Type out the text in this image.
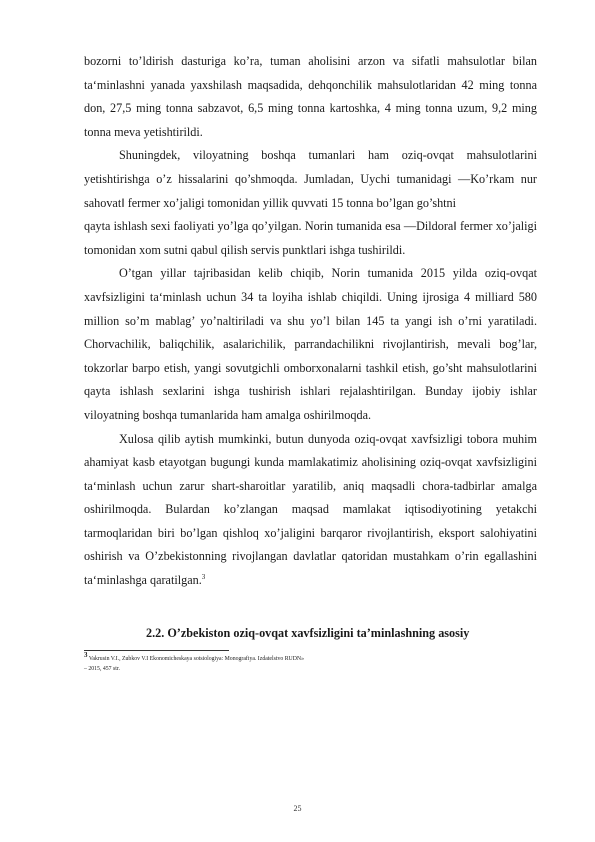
bozorni to’ldirish dasturiga ko’ra, tuman aholisini arzon va sifatli mahsulotlar bilan ta‘minlashni yanada yaxshilash maqsadida, dehqonchilik mahsulotlaridan 42 ming tonna don, 27,5 ming tonna sabzavot, 6,5 ming tonna kartoshka, 4 ming tonna uzum, 9,2 ming tonna meva yetishtirildi.

Shuningdek, viloyatning boshqa tumanlari ham oziq-ovqat mahsulotlarini yetishtirishga o’z hissalarini qo’shmoqda. Jumladan, Uychi tumanidagi ―Ko’rkam nur sahovat‖ fermer xo’jaligi tomonidan yillik quvvati 15 tonna bo’lgan go’shtni

qayta ishlash sexi faoliyati yo’lga qo’yilgan. Norin tumanida esa ―Dildora‖ fermer xo’jaligi tomonidan xom sutni qabul qilish servis punktlari ishga tushirildi.

O’tgan yillar tajribasidan kelib chiqib, Norin tumanida 2015 yilda oziq-ovqat xavfsizligini ta‘minlash uchun 34 ta loyiha ishlab chiqildi. Uning ijrosiga 4 milliard 580 million so’m mablag’ yo’naltiriladi va shu yo’l bilan 145 ta yangi ish o’rni yaratiladi. Chorvachilik, baliqchilik, asalarichilik, parrandachilikni rivojlantirish, mevali bog’lar, tokzorlar barpo etish, yangi sovutgichli omborxonalarni tashkil etish, go’sht mahsulotlarini qayta ishlash sexlarini ishga tushirish ishlari rejalashtirilgan. Bunday ijobiy ishlar viloyatning boshqa tumanlarida ham amalga oshirilmoqda.

Xulosa qilib aytish mumkinki, butun dunyoda oziq-ovqat xavfsizligi tobora muhim ahamiyat kasb etayotgan bugungi kunda mamlakatimiz aholisining oziq-ovqat xavfsizligini ta‘minlash uchun zarur shart-sharoitlar yaratilib, aniq maqsadli chora-tadbirlar amalga oshirilmoqda. Bulardan ko’zlangan maqsad mamlakat iqtisodiyotining yetakchi tarmoqlaridan biri bo’lgan qishloq xo’jaligini barqaror rivojlantirish, eksport salohiyatini oshirish va O’zbekistonning rivojlangan davlatlar qatoridan mustahkam o’rin egallashini ta‘minlashga qaratilgan.$^3$

2.2. O’zbekiston oziq-ovqat xavfsizligini ta’minlashning asosiy
$^3$ Vakrusin V.I., Zubkov V.I Ekonomicheskaya sotsiologiya: Monografiya. Izdatelstvo RUDN»
– 2015, 457 str.
25
